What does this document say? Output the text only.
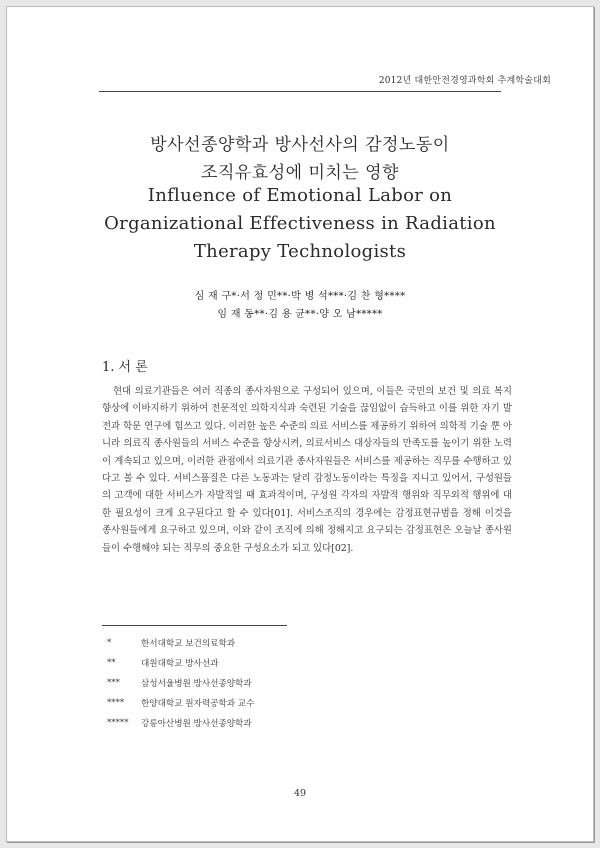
2012년 대한안전경영과학회 추계학술대회
방사선종양학과 방사선사의 감정노동이
조직유효성에 미치는 영향
Influence of Emotional Labor on
Organizational Effectiveness in Radiation
Therapy Technologists
심 재 구*·서 정 민**·박 병 석***·김 찬 형****
임 재 동**·김 용 균**·양 오 남*****
1. 서 론

현대 의료기관들은 여러 직종의 종사자원으로 구성되어 있으며, 이들은 국민의 보건 및 의료 복지 향상에 이바지하기 위하여 전문적인 의학지식과 숙련된 기술을 끊임없이 습득하고 이를 위한 자기 발전과 학문 연구에 힘쓰고 있다. 이러한 높은 수준의 의료 서비스를 제공하기 위하여 의학적 기술 뿐 아니라 의료직 종사원들의 서비스 수준을 향상시켜, 의료서비스 대상자들의 만족도를 높이기 위한 노력이 계속되고 있으며, 이러한 관점에서 의료기관 종사자원들은 서비스를 제공하는 직무를 수행하고 있다고 볼 수 있다. 서비스품질은 다른 노동과는 달리 감정노동이라는 특징을 지니고 있어서, 구성원들의 고객에 대한 서비스가 자발적일 때 효과적이며, 구성원 각자의 자발적 행위와 직무외적 행위에 대한 필요성이 크게 요구된다고 할 수 있다[01]. 서비스조직의 경우에는 감정표현규범을 정해 이것을 종사원들에게 요구하고 있으며, 이와 같이 조직에 의해 정해지고 요구되는 감정표현은 오늘날 종사원들이 수행해야 되는 직무의 중요한 구성요소가 되고 있다[02].

*	한서대학교 보건의료학과
**	대원대학교 방사선과
***	삼성서울병원 방사선종양학과
****	한양대학교 원자력공학과 교수
*****	강릉아산병원 방사선종양학과
49
